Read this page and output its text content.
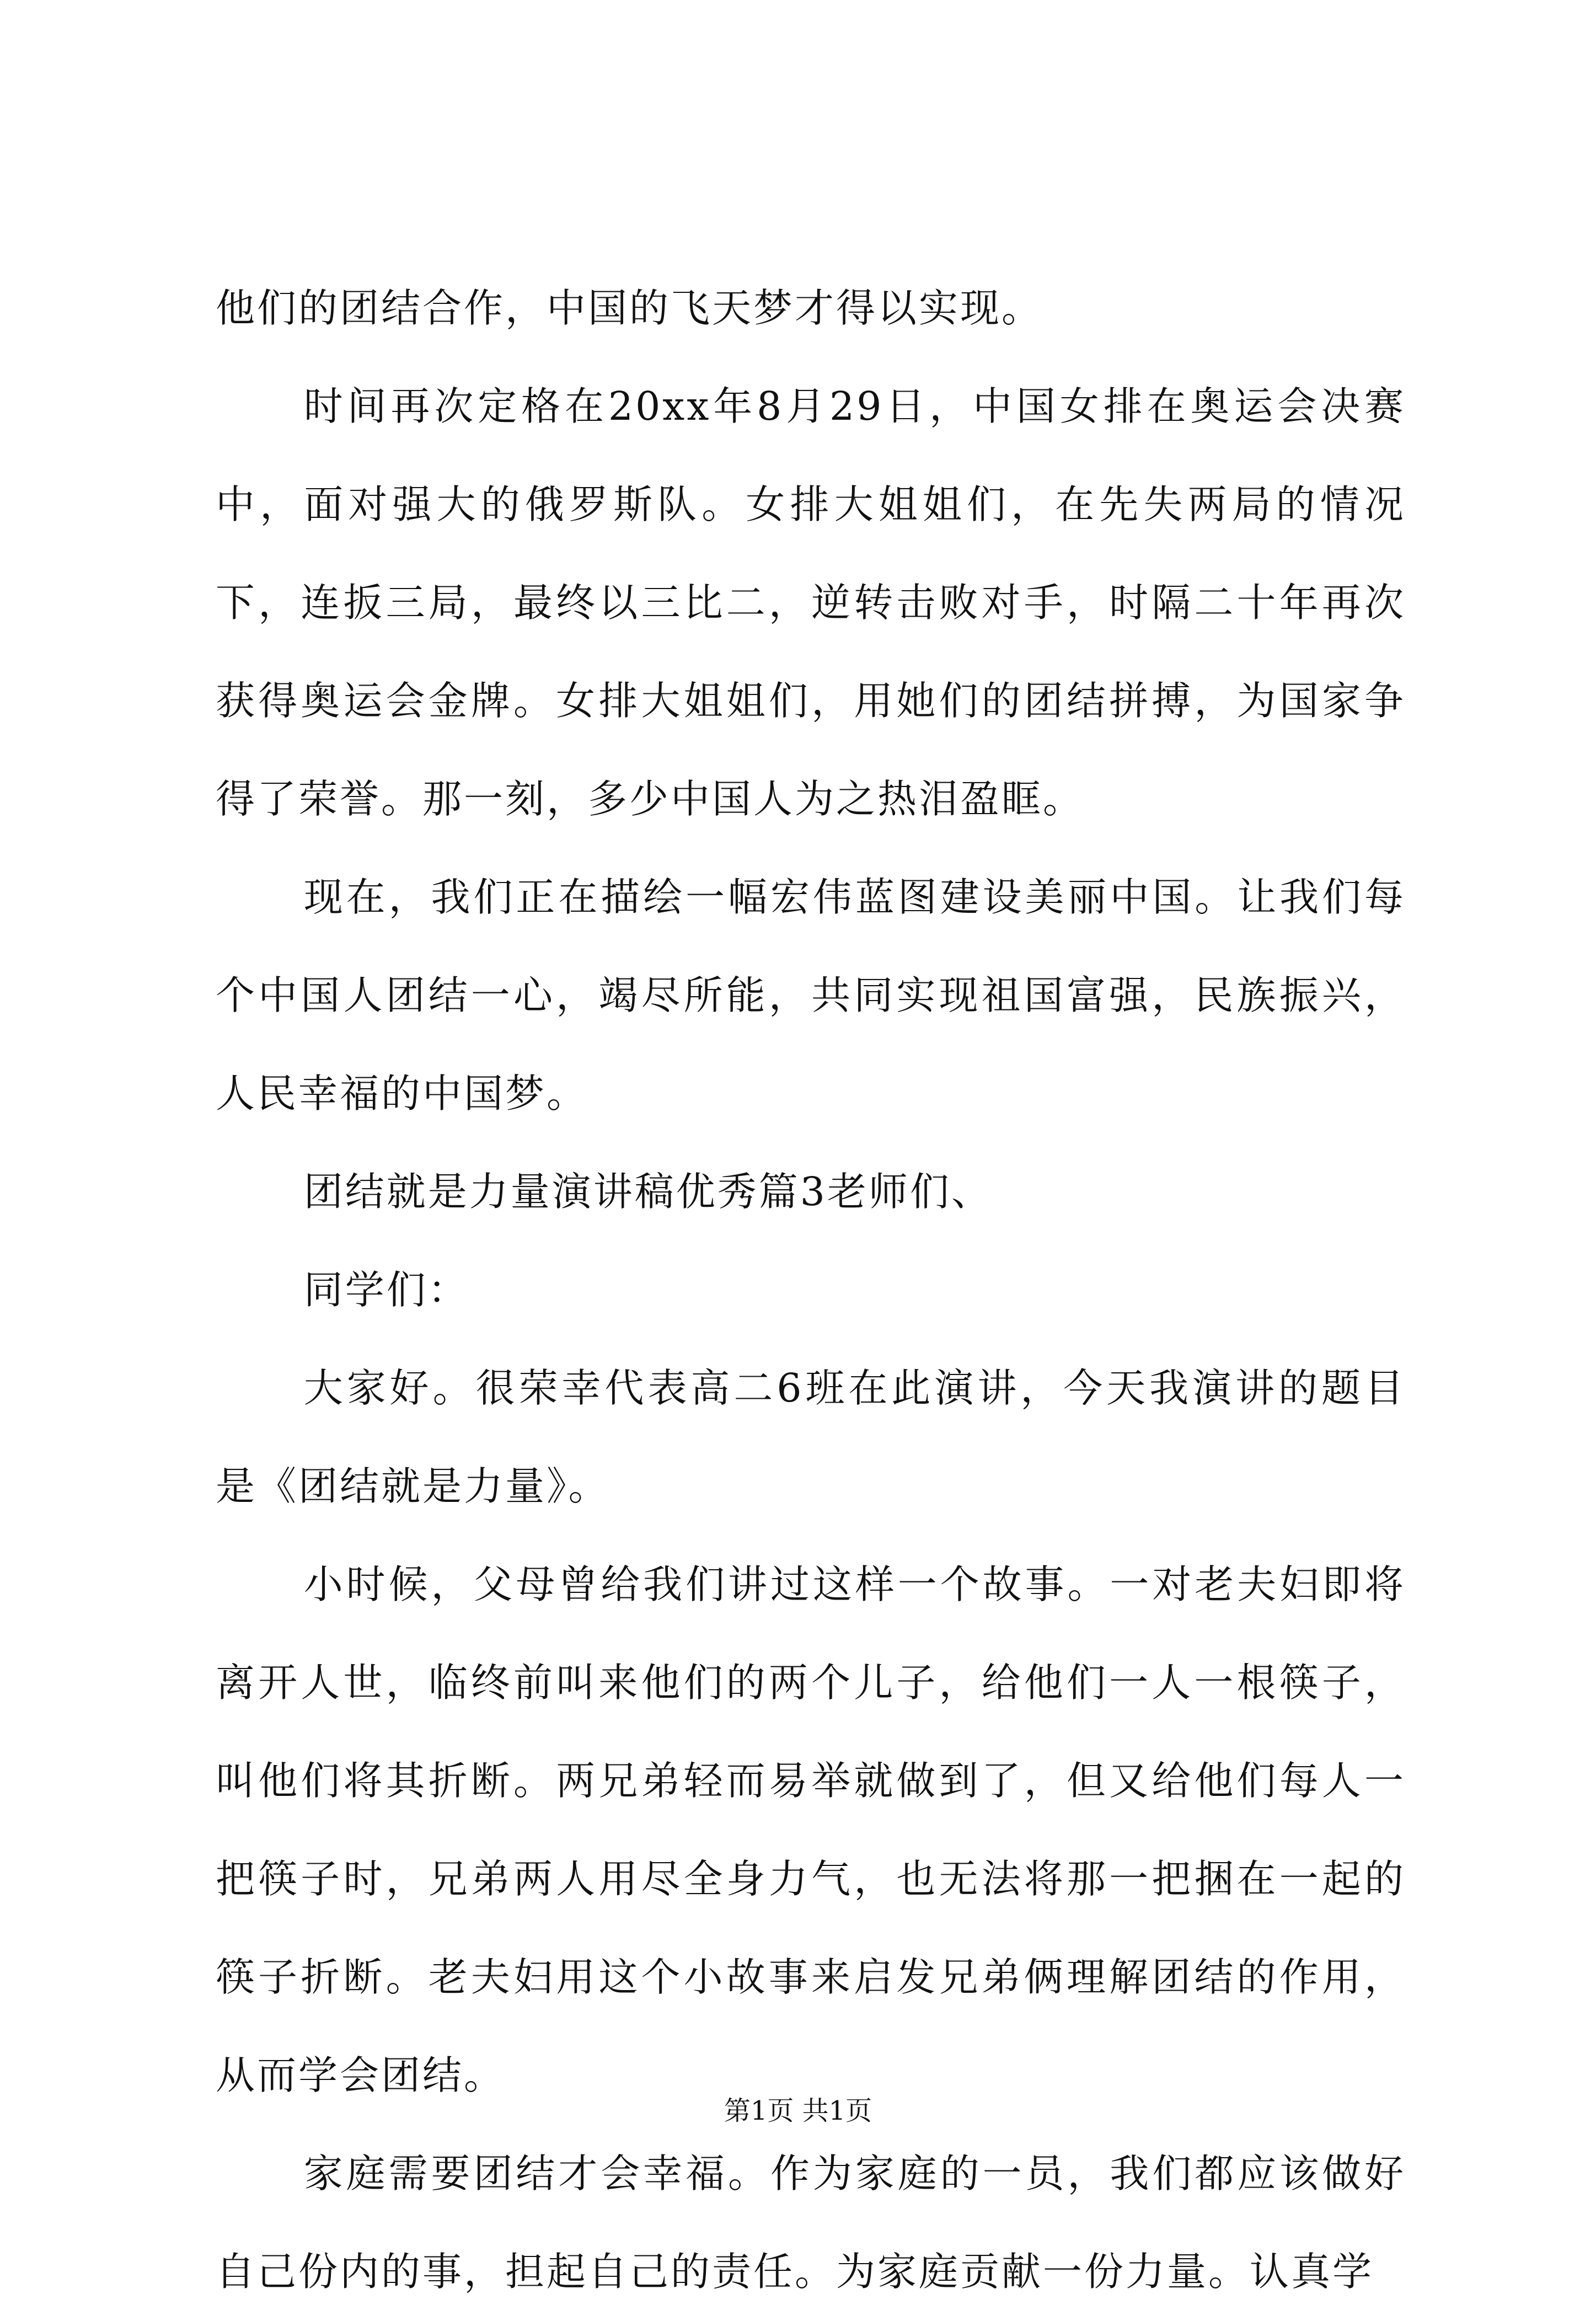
他们的团结合作，中国的飞天梦才得以实现。

时间再次定格在20xx年8月29日，中国女排在奥运会决赛中，面对强大的俄罗斯队。女排大姐姐们，在先失两局的情况下，连扳三局，最终以三比二，逆转击败对手，时隔二十年再次获得奥运会金牌。女排大姐姐们，用她们的团结拼搏，为国家争得了荣誉。那一刻，多少中国人为之热泪盈眶。

现在，我们正在描绘一幅宏伟蓝图建设美丽中国。让我们每个中国人团结一心，竭尽所能，共同实现祖国富强，民族振兴，人民幸福的中国梦。

团结就是力量演讲稿优秀篇3老师们、

同学们：

大家好。很荣幸代表高二6班在此演讲，今天我演讲的题目是《团结就是力量》。

小时候，父母曾给我们讲过这样一个故事。一对老夫妇即将离开人世，临终前叫来他们的两个儿子，给他们一人一根筷子，叫他们将其折断。两兄弟轻而易举就做到了，但又给他们每人一把筷子时，兄弟两人用尽全身力气，也无法将那一把捆在一起的筷子折断。老夫妇用这个小故事来启发兄弟俩理解团结的作用，从而学会团结。

家庭需要团结才会幸福。作为家庭的一员，我们都应该做好自己份内的事，担起自己的责任。为家庭贡献一份力量。认真学

第1页 共1页
